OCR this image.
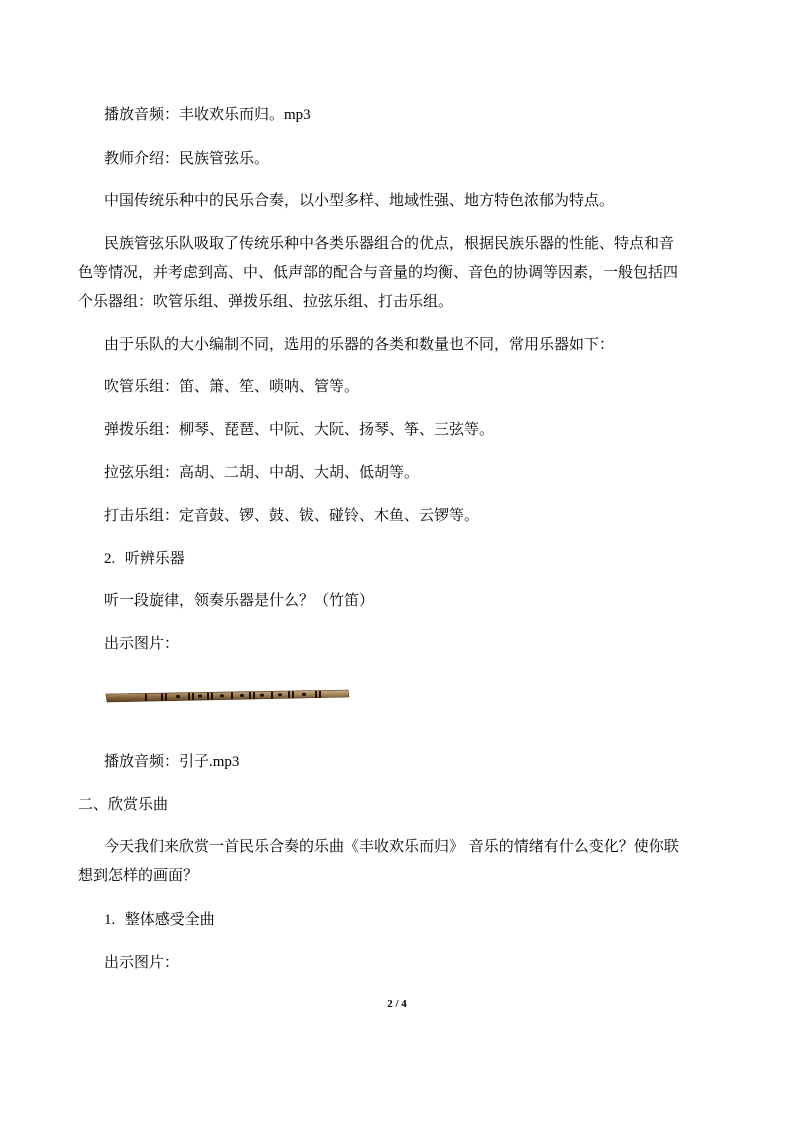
播放音频：丰收欢乐而归。mp3
教师介绍：民族管弦乐。
中国传统乐种中的民乐合奏，以小型多样、地域性强、地方特色浓郁为特点。
民族管弦乐队吸取了传统乐种中各类乐器组合的优点，根据民族乐器的性能、特点和音
色等情况，并考虑到高、中、低声部的配合与音量的均衡、音色的协调等因素，一般包括四
个乐器组：吹管乐组、弹拨乐组、拉弦乐组、打击乐组。
由于乐队的大小编制不同，选用的乐器的各类和数量也不同，常用乐器如下：
吹管乐组：笛、箫、笙、唢呐、管等。
弹拨乐组：柳琴、琵琶、中阮、大阮、扬琴、筝、三弦等。
拉弦乐组：高胡、二胡、中胡、大胡、低胡等。
打击乐组：定音鼓、锣、鼓、钹、碰铃、木鱼、云锣等。
2. 听辨乐器
听一段旋律，领奏乐器是什么？（竹笛）
出示图片：
播放音频：引子.mp3
二、欣赏乐曲
今天我们来欣赏一首民乐合奏的乐曲《丰收欢乐而归》 音乐的情绪有什么变化？使你联
想到怎样的画面？
1. 整体感受全曲
出示图片：
2 / 4
